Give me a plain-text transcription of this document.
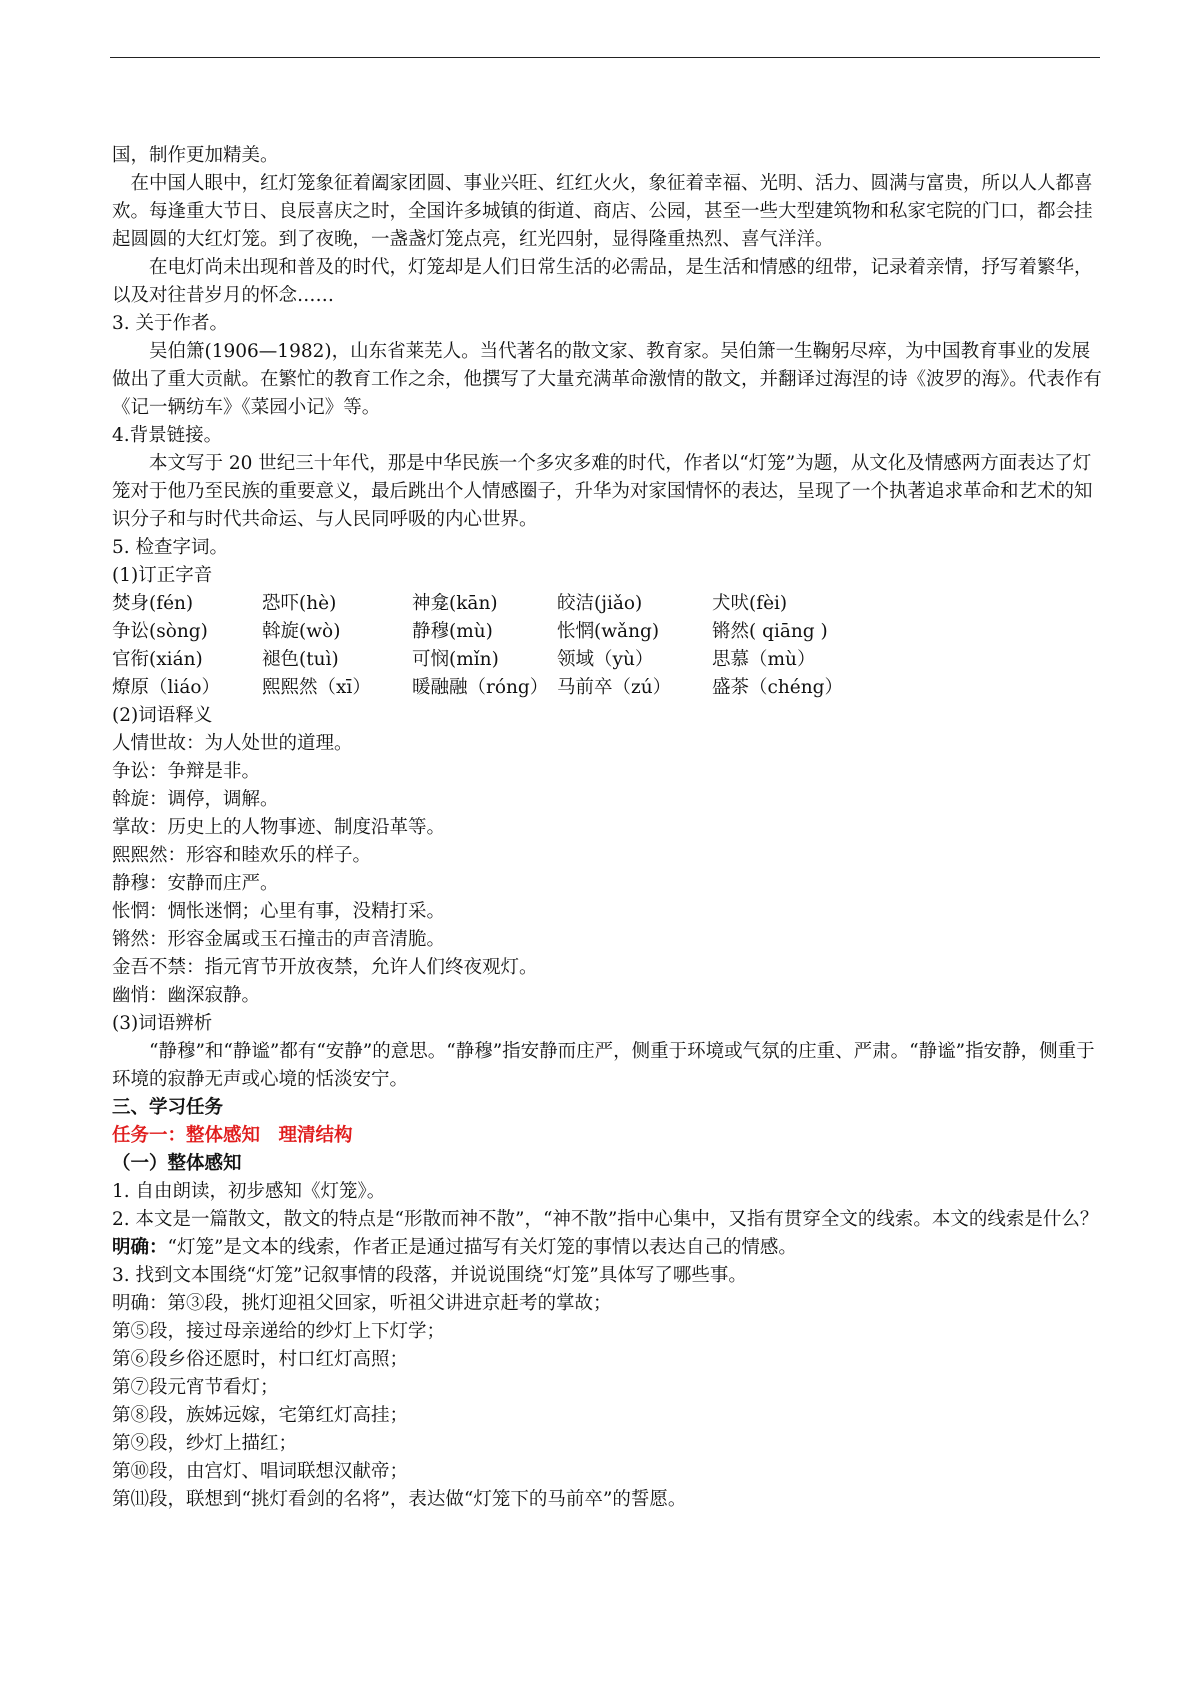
国，制作更加精美。

在中国人眼中，红灯笼象征着阖家团圆、事业兴旺、红红火火，象征着幸福、光明、活力、圆满与富贵，所以人人都喜欢。每逢重大节日、良辰喜庆之时，全国许多城镇的街道、商店、公园，甚至一些大型建筑物和私家宅院的门口，都会挂起圆圆的大红灯笼。到了夜晚，一盏盏灯笼点亮，红光四射，显得隆重热烈、喜气洋洋。

在电灯尚未出现和普及的时代，灯笼却是人们日常生活的必需品，是生活和情感的纽带，记录着亲情，抒写着繁华，以及对往昔岁月的怀念……

3. 关于作者。

吴伯箫(1906—1982)，山东省莱芜人。当代著名的散文家、教育家。吴伯箫一生鞠躬尽瘁，为中国教育事业的发展做出了重大贡献。在繁忙的教育工作之余，他撰写了大量充满革命激情的散文，并翻译过海涅的诗《波罗的海》。代表作有《记一辆纺车》《菜园小记》等。

4.背景链接。

本文写于 20 世纪三十年代，那是中华民族一个多灾多难的时代，作者以“灯笼”为题，从文化及情感两方面表达了灯笼对于他乃至民族的重要意义，最后跳出个人情感圈子，升华为对家国情怀的表达，呈现了一个执著追求革命和艺术的知识分子和与时代共命运、与人民同呼吸的内心世界。

5. 检查字词。

(1)订正字音

焚身(fén)	恐吓(hè)	神龛(kān)	皎洁(jiǎo)	犬吠(fèi)
争讼(sòng)	斡旋(wò)	静穆(mù)	怅惘(wǎng)	锵然( qiāng )
官衔(xián)	褪色(tuì)	可悯(mǐn)	领域（yù）	思慕（mù）
燎原（liáo）	熙熙然（xī）	暖融融（róng） 马前卒（zú）	盛茶（chéng）

(2)词语释义

人情世故：为人处世的道理。

争讼：争辩是非。

斡旋：调停，调解。

掌故：历史上的人物事迹、制度沿革等。

熙熙然：形容和睦欢乐的样子。

静穆：安静而庄严。

怅惘：惆怅迷惘；心里有事，没精打采。

锵然：形容金属或玉石撞击的声音清脆。

金吾不禁：指元宵节开放夜禁，允许人们终夜观灯。

幽悄：幽深寂静。

(3)词语辨析

“静穆”和“静谧”都有“安静”的意思。“静穆”指安静而庄严，侧重于环境或气氛的庄重、严肃。“静谧”指安静，侧重于环境的寂静无声或心境的恬淡安宁。

三、学习任务

任务一：整体感知　理清结构

（一）整体感知

1. 自由朗读，初步感知《灯笼》。

2. 本文是一篇散文，散文的特点是“形散而神不散”，“神不散”指中心集中，又指有贯穿全文的线索。本文的线索是什么？

明确：“灯笼”是文本的线索，作者正是通过描写有关灯笼的事情以表达自己的情感。

3. 找到文本围绕“灯笼”记叙事情的段落，并说说围绕“灯笼”具体写了哪些事。

明确：第③段，挑灯迎祖父回家，听祖父讲进京赶考的掌故；

第⑤段，接过母亲递给的纱灯上下灯学；

第⑥段乡俗还愿时，村口红灯高照；

第⑦段元宵节看灯；

第⑧段，族姊远嫁，宅第红灯高挂；

第⑨段，纱灯上描红；

第⑩段，由宫灯、唱词联想汉献帝；

第⑾段，联想到“挑灯看剑的名将”，表达做“灯笼下的马前卒”的誓愿。
